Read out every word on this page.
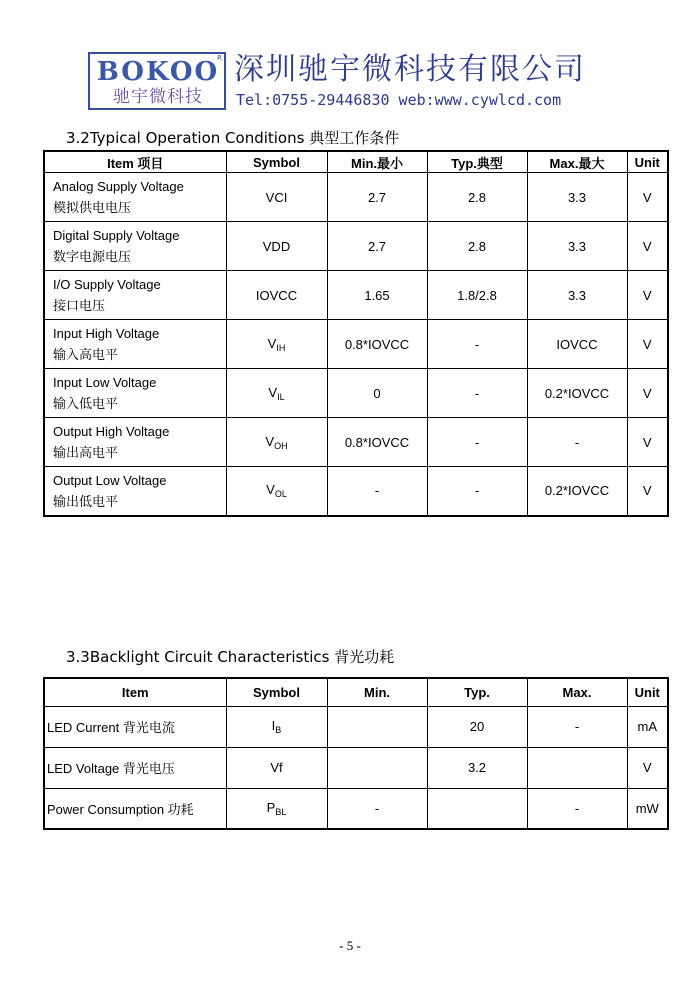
BOKOO
R
驰宇微科技
深圳驰宇微科技有限公司
Tel:0755-29446830 web:www.cywlcd.com
3.2Typical Operation Conditions 典型工作条件
Item 项目	Symbol	Min.最小	Typ.典型	Max.最大	Unit

Analog Supply Voltage
模拟供电电压	VCI	2.7	2.8	3.3	V

Digital Supply Voltage
数字电源电压	VDD	2.7	2.8	3.3	V

I/O Supply Voltage
接口电压	IOVCC	1.65	1.8/2.8	3.3	V

Input High Voltage
输入高电平	$V_{IH}$	0.8*IOVCC	-	IOVCC	V

Input Low Voltage
输入低电平	$V_{IL}$	0	-	0.2*IOVCC	V

Output High Voltage
输出高电平	$V_{OH}$	0.8*IOVCC	-	-	V

Output Low Voltage
输出低电平	$V_{OL}$	-	-	0.2*IOVCC	V
3.3Backlight Circuit Characteristics 背光功耗
Item	Symbol	Min.	Typ.	Max.	Unit
LED Current 背光电流	$I_B$		20	-	mA
LED Voltage 背光电压	Vf		3.2		V
Power Consumption 功耗	$P_{BL}$	-		-	mW
- 5 -
